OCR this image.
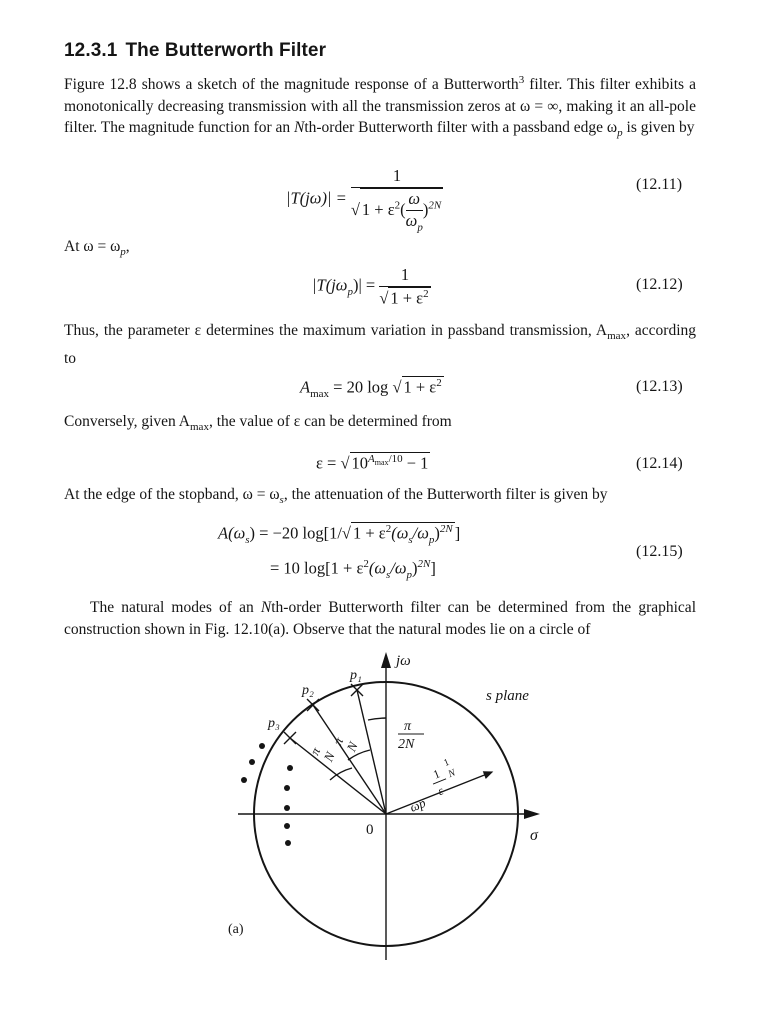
12.3.1 The Butterworth Filter

Figure 12.8 shows a sketch of the magnitude response of a Butterworth$^3$ filter. This filter exhibits a monotonically decreasing transmission with all the transmission zeros at ω = ∞, making it an all-pole filter. The magnitude function for an Nth-order Butterworth filter with a passband edge $\omega_p$ is given by

$|T(j\omega)| = \frac{1}{√ 1 + \varepsilon^2( \frac{\omega}{\omega_p} )^{2N}}$	(12.11)

At $\omega = \omega_p$,

$|T(j\omega_p)| = \frac{1}{√ 1 + \varepsilon^2}$	(12.12)

Thus, the parameter ε determines the maximum variation in passband transmission, $A_{max}$, according to

$A_{max} = 20$ log √ $1 + \varepsilon^2$	(12.13)

Conversely, given $A_{max}$, the value of ε can be determined from

ε = √ $10^{A_{max}/10} - 1$	(12.14)

At the edge of the stopband, $\omega = \omega_s$, the attenuation of the Butterworth filter is given by

$A(\omega_s) = -20$ log[1/√ $1 + \varepsilon^2(\omega_s/\omega_p)^{2N}$ ]
= 10 $\log[1 + \varepsilon^2(\omega_s/\omega_p)^{2N}]$
(12.15)

The natural modes of an Nth-order Butterworth filter can be determined from the graphical construction shown in Fig. 12.10(a). Observe that the natural modes lie on a circle of

jω
σ
s plane
0
p₁
p₂
p₃	π
2N
π
N
π
N
ωp
1
ε
1
N
(a)
